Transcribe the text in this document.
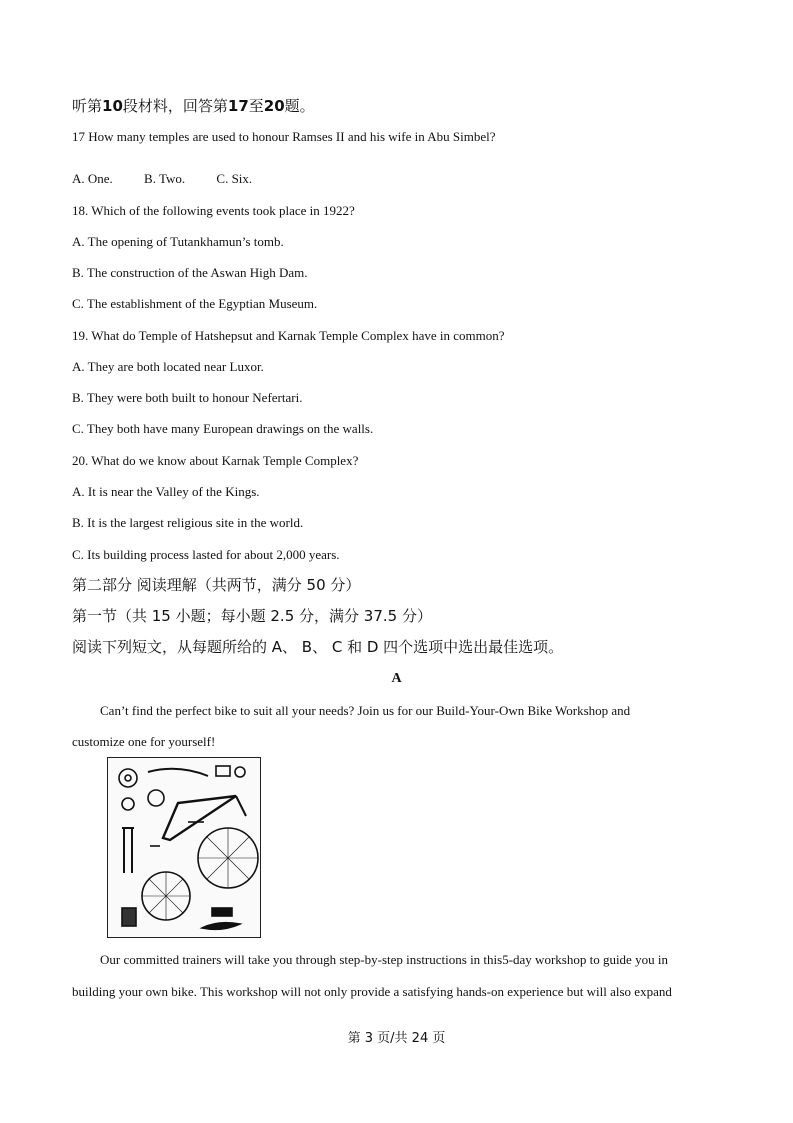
听第10段材料，回答第17至20题。
17 How many temples are used to honour Ramses II and his wife in Abu Simbel?
A. One. B. Two. C. Six.
18. Which of the following events took place in 1922?
A. The opening of Tutankhamun’s tomb.
B. The construction of the Aswan High Dam.
C. The establishment of the Egyptian Museum.
19. What do Temple of Hatshepsut and Karnak Temple Complex have in common?
A. They are both located near Luxor.
B. They were both built to honour Nefertari.
C. They both have many European drawings on the walls.
20. What do we know about Karnak Temple Complex?
A. It is near the Valley of the Kings.
B. It is the largest religious site in the world.
C. Its building process lasted for about 2,000 years.
第二部分 阅读理解（共两节，满分 50 分）
第一节（共 15 小题；每小题 2.5 分，满分 37.5 分）
阅读下列短文，从每题所给的 A、 B、 C 和 D 四个选项中选出最佳选项。
A
Can’t find the perfect bike to suit all your needs? Join us for our Build-Your-Own Bike Workshop and
customize one for yourself!
Our committed trainers will take you through step-by-step instructions in this5-day workshop to guide you in
building your own bike. This workshop will not only provide a satisfying hands-on experience but will also expand
第 3 页/共 24 页
